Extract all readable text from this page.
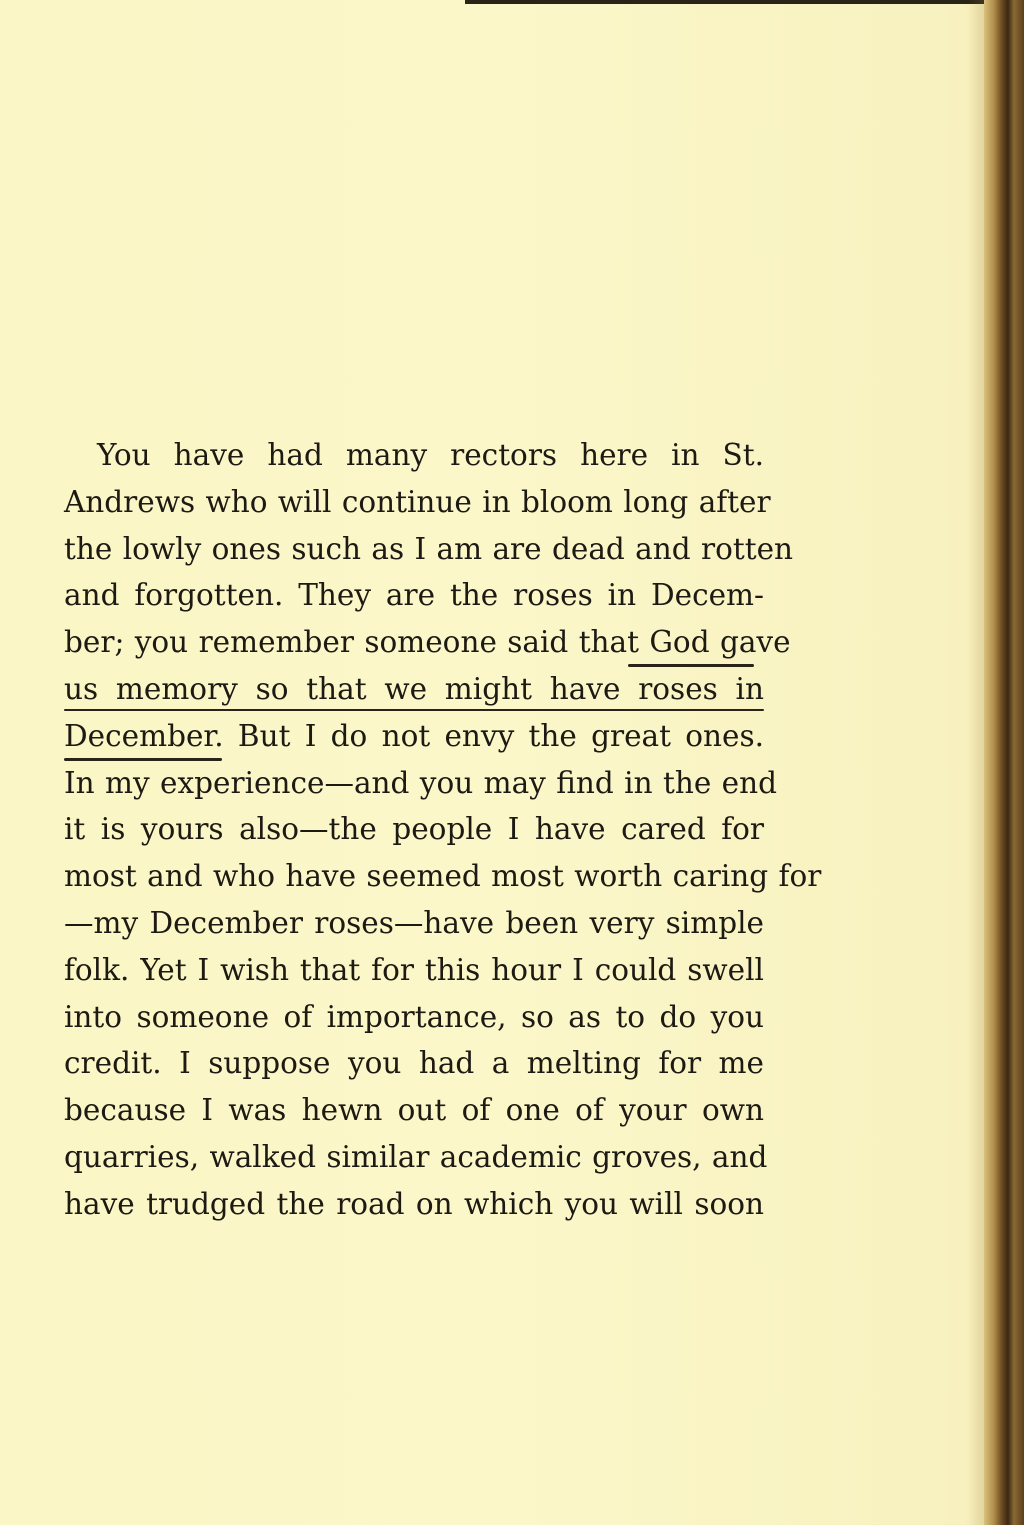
You have had many rectors here in St.
Andrews who will continue in bloom long after
the lowly ones such as I am are dead and rotten
and forgotten. They are the roses in Decem-
ber; you remember someone said that God gave
us memory so that we might have roses in
December. But I do not envy the great ones.
In my experience—and you may find in the end
it is yours also—the people I have cared for
most and who have seemed most worth caring for
—my December roses—have been very simple
folk. Yet I wish that for this hour I could swell
into someone of importance, so as to do you
credit. I suppose you had a melting for me
because I was hewn out of one of your own
quarries, walked similar academic groves, and
have trudged the road on which you will soon
